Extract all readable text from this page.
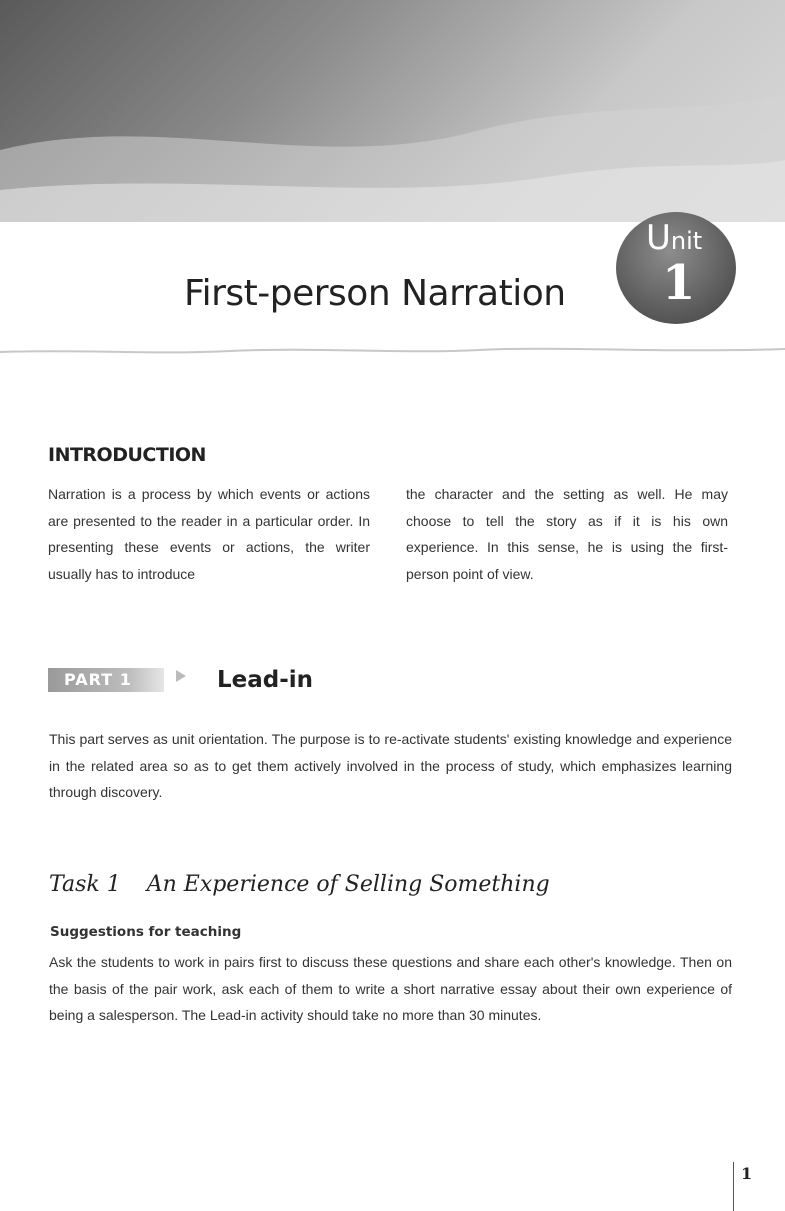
Unit
1
First-person Narration
INTRODUCTION
Narration is a process by which events or actions are presented to the reader in a particular order. In presenting these events or actions, the writer usually has to introduce
the character and the setting as well. He may choose to tell the story as if it is his own experience. In this sense, he is using the first-person point of view.
PART 1	Lead-in
This part serves as unit orientation. The purpose is to re-activate students' existing knowledge and experience in the related area so as to get them actively involved in the process of study, which emphasizes learning through discovery.
Task 1 An Experience of Selling Something
Suggestions for teaching
Ask the students to work in pairs first to discuss these questions and share each other's knowledge. Then on the basis of the pair work, ask each of them to write a short narrative essay about their own experience of being a salesperson. The Lead-in activity should take no more than 30 minutes.
1
